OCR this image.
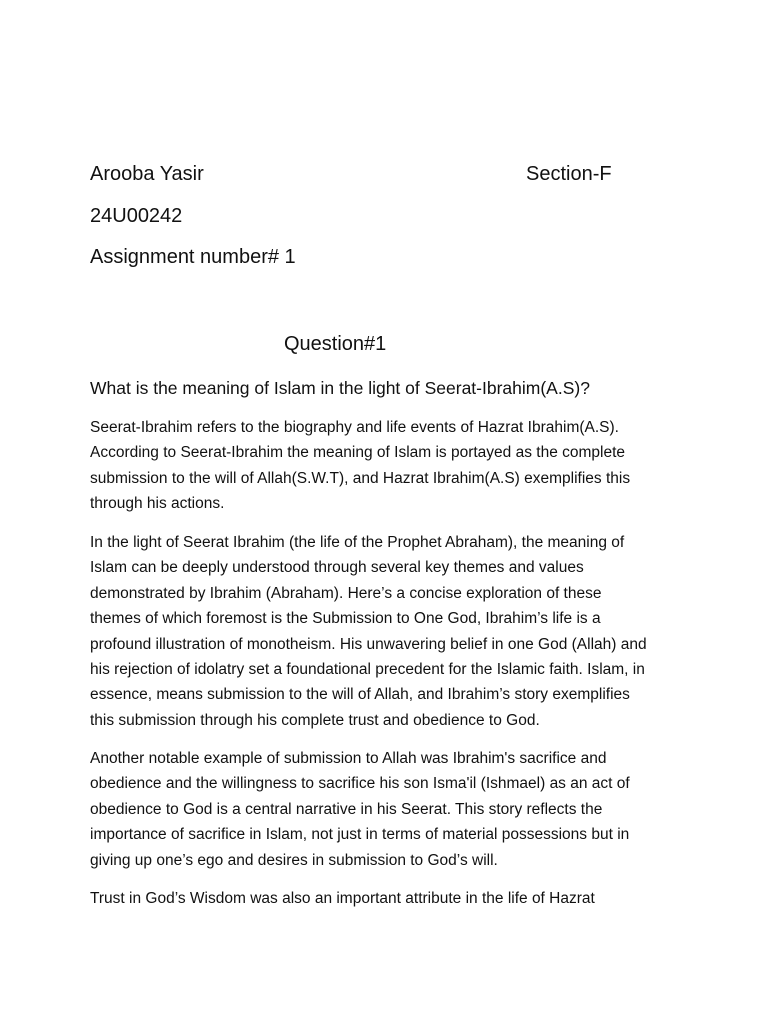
Arooba Yasir	Section-F
24U00242
Assignment number# 1
Question#1
What is the meaning of Islam in the light of Seerat-Ibrahim(A.S)?

Seerat-Ibrahim refers to the biography and life events of Hazrat Ibrahim(A.S).
According to Seerat-Ibrahim the meaning of Islam is portayed as the complete
submission to the will of Allah(S.W.T), and Hazrat Ibrahim(A.S) exemplifies this
through his actions.

In the light of Seerat Ibrahim (the life of the Prophet Abraham), the meaning of
Islam can be deeply understood through several key themes and values
demonstrated by Ibrahim (Abraham). Here’s a concise exploration of these
themes of which foremost is the Submission to One God, Ibrahim’s life is a
profound illustration of monotheism. His unwavering belief in one God (Allah) and
his rejection of idolatry set a foundational precedent for the Islamic faith. Islam, in
essence, means submission to the will of Allah, and Ibrahim’s story exemplifies
this submission through his complete trust and obedience to God.

Another notable example of submission to Allah was Ibrahim's sacrifice and
obedience and the willingness to sacrifice his son Isma'il (Ishmael) as an act of
obedience to God is a central narrative in his Seerat. This story reflects the
importance of sacrifice in Islam, not just in terms of material possessions but in
giving up one’s ego and desires in submission to God’s will.

Trust in God’s Wisdom was also an important attribute in the life of Hazrat
